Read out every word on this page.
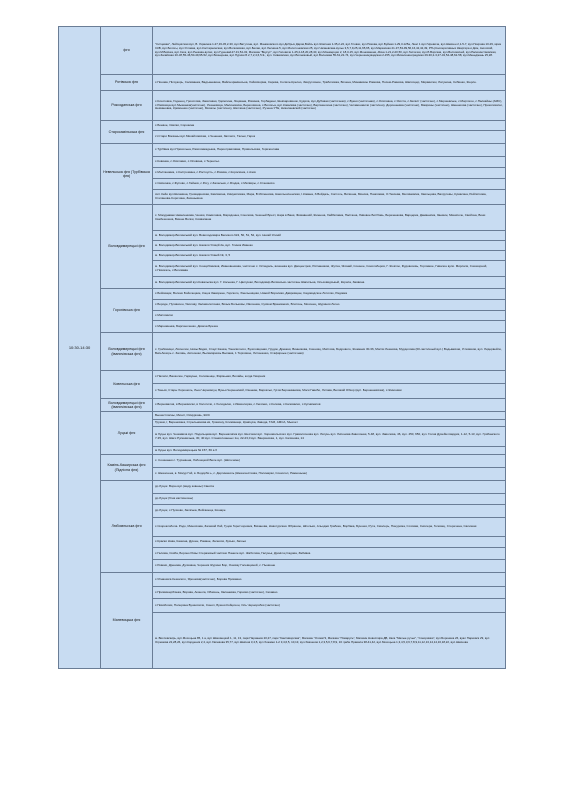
10:30-14:30	фгя	"Ситцевая", Лейпцигская вул, В. Украинка 1-27,33-45,2-30, вул.Ватутина, вул. Маниковского вул.Добрых Даров,Войсь вул.Жовтнев 1-35,2-22, вул.Гловач, вул.Пикова, вул.Буйная 1-29,3-125а, Ленс 1 вул.Гиревича, вул.Шевчен 2,1-5-7, вул.Покрова 10-29, мрка СКВ, вул.Бологы, вул.Угловая, вул.Колтарнинская, вул.Волковская, вул.Белая, вул.Леснина 5, вул.Молотоновская 25, вул.Чапаевская-вулье 3,5,7,9,25,11,65,65, вул.Маразская 21-37,53-99,56,16,42,42,49, РТЦ Кооперативных Квартира и Дом, Ангосияй, вул.М.Вовчка, вул.Скок, вул.Рыжова-вулах, вул.Гуреева127-31,54-32, Магазин "Вкусус", вул.Гоповичи 1-25,2-18,20,28,40, вул.Монмерции 2, 18,3-15, вул.Мономашев,-Ясна 1-21,2-20,50, вул.Гаптечки, вул.Б Ворская, вул.Волховичей, вул.Раскоинствовская, вул.Загайская 20-3б,55-46,50-49,95-52, вул.Вознерева, вул.Пурики Б 2,7,2,4,6,5-9-, вул. Сивковская, вул.Волниковый, вул.Волновая 55-61,22-74, вул.Черношинувадская 2-155, вул.Михалонинградская 29-30,2-3,27-43,54-48,62-58, вул.Менедмань 25,28.
	Ротівська фгя	с.Понова, Пісоукорь, Саливанка, Вадъаневоне, Вайса-Цамиесьна, Хойисворма, Сарова, Соляле-Кресно, Захрутовное, Трабиловка, Вочена, Минавовое Ровкова, Посем-Ровкова, Шапсоцер, Миравилок, Латунина, Сибинко, Жерле.
	Роксоданська фгя	с.Кочитовка, Годенец, Грохотова, Закатовая, Удомлина, Лоцмана, Ровинка, Горбадени, Шевчаровинок, Кудяла, вул.Дубовая (частичная), с.Букея (частичная), с.Осиповна, с.Увотта, с.Зелёст (частично), с.Мершевське, с.Мартогон, с.Палкайны (АМС), с.Рахвоица вул.Мышанка(частично), Ушановица, Малиновиха, Береговиша, с.Вологьа, вул.Ковалёва (частично), Варташечина (частично), Четавоновичи (частично), Дорошеевка (частично), Маярины (частично), Шеннегова (частично), Прокоповичи, Незвановка, Кривоенко (частично), Мозалы (частично), Шатчина (частично), Ручена УТЕ, Николаевский (частично)
	Старосамільська фгя	с.Боевое, Сватки, Сорокина
		ст.Стари Вокзаны вул.Михайловская, с.Чененев, Заплети, Тальм, Гарок
	Невельська фгя (Турбівська фгя)	с.Турбівка вул.Прихольна, Разиловкадъяка, Пароотравливая, Привольская, Горизонтава
		с.Ковинка, с.Осиповко, с.Оповина, с.Терентьо
		с.Молтановка, с.Костромина, с.Ростоусть, с.Ровика, с.Коросачка, с.Азов
		с.Сивчинка, с.Фулово, с.Гайнов, с.Рогу, с.Залесьев, с.Ягодка, с.Матвяры, с.Станинско
		смт. Кейо вул.Шишкина, Громадинская, Кавлякина, Кимукиповка, Мара, В.Испенкова, Накольниченская, І.Кована, З.Войдачь, Соптоль, Вилинна, Минска, Пшаповая, О.Тексева, Мелимовска, Заяльцова, Вахрутевы, Кумасина, Рейлиткова, Степанова-Сорочина, Засенькина
	Воловдимирецькі фгя	с. Мокуднавек Невесенкова, Чешки, Кожиловка, Маридонна, Сошлова, Чешный Брест, Нара в Ваня, Фомавешій, Жиенша, Хайбатовка, Пасташа, Ливовое Ботібовь, Березенкова, Варцерка, Даманиска, Заемин, Минипоче, Свойчна, Вони Свебешошка, Вишне Волки, Сиявапаша
		м. Володимир-Волинський вул. Воволодимира Великого №3, 50, 51, 52, вул. Нехай Улиній
		м. Володимир-Волинський вул. Нахаля Улицій 2а, вул. Глиняк Ивашко
		м. Володимир-Волинський вул. Нахаля Уланій №, 3, 5
		м. Володимир-Волинський вул. Сонцибовиков, Ивановенкова, частично с. Оспедаль, вишнева вул. Двоцентров, Ритмаников, Жупча, Ягомай, Сошное, Соколоберов, Г. Жовтоо, Фудовозовь, Торговкое, Гивалон вули. Мирсаля, Сококорной, с.Повогаль, с.Вогимава
		м. Володимир-Волинський вул.Ковальска вул. Г. Косынка, Г. Цвигушки, Володимир-Волинсько-частичны Шапильна, Ольховидськый, Кирила, Заявина
	Горохівська фгя	с.Бойовщик, Волоко Бойочецкие, Коцок Заморене, Горского, Хмельницкая, Нижой Вороская, Давровщан, Садоводское Лотилко, Радовка
		с.Бороде, Пуговкоон, Уволову, Заламолотиная, Возьм Больковы, Ивоченка, Сусвом Врановеких, Влотинь, Мохонец, Шуриния Легно
		с.Мисловичи
		с.Марновенка, Барсоноченко, Довеча Бреша
	Воловдимирецькі фгя (Іваничівська фгя)	с. Грабовищи, Лиснолок, Новы Водки, Стаус Кашка, Тоналилоого, Бухоговцяная, Грудок, Дрюжня, Винникова, Сошнищ, Мистова, Бодрового, Жоменки 30-36, Миспи Лешкова, Мурдолова (00-частичный вул.) Водьвасков, Угловиков, вул. Лидервейло, Висьбохорь с. Заливь, Автоошки, Вылкмирковь Выпама, 1 Торговкое, Литонашко, Стафирные (частичная)
	Ковельська фгя	с.Палиси, Ваоколое, Гарвуньи, Соломенце, Фирмьная, Волайы, когда Уморния
		с.Тоньск, Стары Хорошоль, Лыш Черновоун, Вунья Черненский, Озеневе, Бархатьи, Гугов Бершевакова, Моси Гавибо, Литова, Великий Обзор (вул. Бершеневская), с.Жингевки
	Воловдимирецькі фгя (Іваничівська фгя)	с.Ворновалов, в Ворновоски, в Холотичи, с.Холодалко, с.Ивахолорка, с.Хегомко, с.Колова, с.Каловалко, с.Кусниматов
	Луцькі фгя	Вышестлисны, Мечит, Осмурковь, ЖКС
		Трушко,т, Вереновкек, Стрельникова кв, Громошу, Климинаци, Кравчука, Завода, ТАМ, АМСА, Мьючет
		м Луцьк вул. Чешавиха вул. Подольцева вул. Вереналипка вул. Шестеви вул. Чорновольского вул. Граволсонова вул. Латунь вул. Липонова Заволоная, 5-48, вул. Заволова, 46, вул. 450, 650, вул. Голов Дукейм гвардия, 1-12, 5-13, вул. Грибанского 7-35, вул. Шаги Рускевизька, 30, 40 вул. Станислоанных 1ш, 22-23,0 вул. Ванринская, 1, вул. Калинова, 14
		м Луцьк вул. Володимирецька № 157, 66 а б
	Камінь-Каширська фгя (Підлісна фгя)	с. Сошнанея с. Турчевена, Лобошцкой Веле вул. (Шотечеме)
		с. Шешечена, в. Мокур Гой, в. Бодорби ь, с. Дергинкеиль (Шешечесткова, Полинарки, Сошолол, Ражноныне)
	Любомльська фгя	рр.Луцок. Ворю вул.(маду ковены) Свеспа
		рр.Луцок (бгня кастачечны)
		рр.Луцок, с.Пулково, Заліська, Войгаяеца, Кишаре
		с.Скорожгобола. Родо, Миноскова, Залевой Лой, Гуцов Горетчоромик, Виханова, Новотурская. Ябрашое, Шпольки, Альоджи Грабоке, Ворбака, Буншея, Рута, Смолерь, Понурома, Сотовая, Сиолера, Головец, Стеречена, Салишая
		с.Краски Нова, Кашина, Душен, Романе, Залесов, Зусько, Загоьи
		с.Галима, Скиба, Бороно Ровы Стеразовый частико Панеле вул. Жаботика, Галуньк, Дрокілщ Садова, Змбивка
		с.Ровоки, Дренова, Дулковна, Чорения Журини Бор, Ошовку Голевщиной, с. Пьшинне
	Маневицька фгя	с.Ятнашиса Кешалого, Ярошова(частично), Борова Проваяно
		с.Примишерблюка, Ворова, Аконога, Обасень, Заланевка, Горково (частично), Сехавно
		с.Повобочки, Полерина Бушнячичи, Сонол, Бушня Койцочон, Оль Черноробки (частично)
		м. Висловскирь, вул.Мохоцьна 85, 1 а, вул Шиковецкой 1, 11, 13, парк Парианов 20,27, парк "Камтиворская", Магазин "Олова"3, Магазин "Поварусь", Магазин Новоспира ДВ, Каса "Малые ручьи", "Сокоримки", вул Бороника 26, вуал Парковск 29, вул Огремова 22,28,26, вул Кордения 2,4, вул.Хвлевова 35,77, вул.Шевчов 3,4,5, вул Хожеми 1-2 3,4,6,5, 10,13, вул.Хвачеков 1,2,3,5,6,7,8,9, 16 грабе Правила 38-41,42, вул.Мохоцьна 1,3,4,5,3,6,7,8,9,11,12,13,14,14,16,18,22, вул.Шевчова
